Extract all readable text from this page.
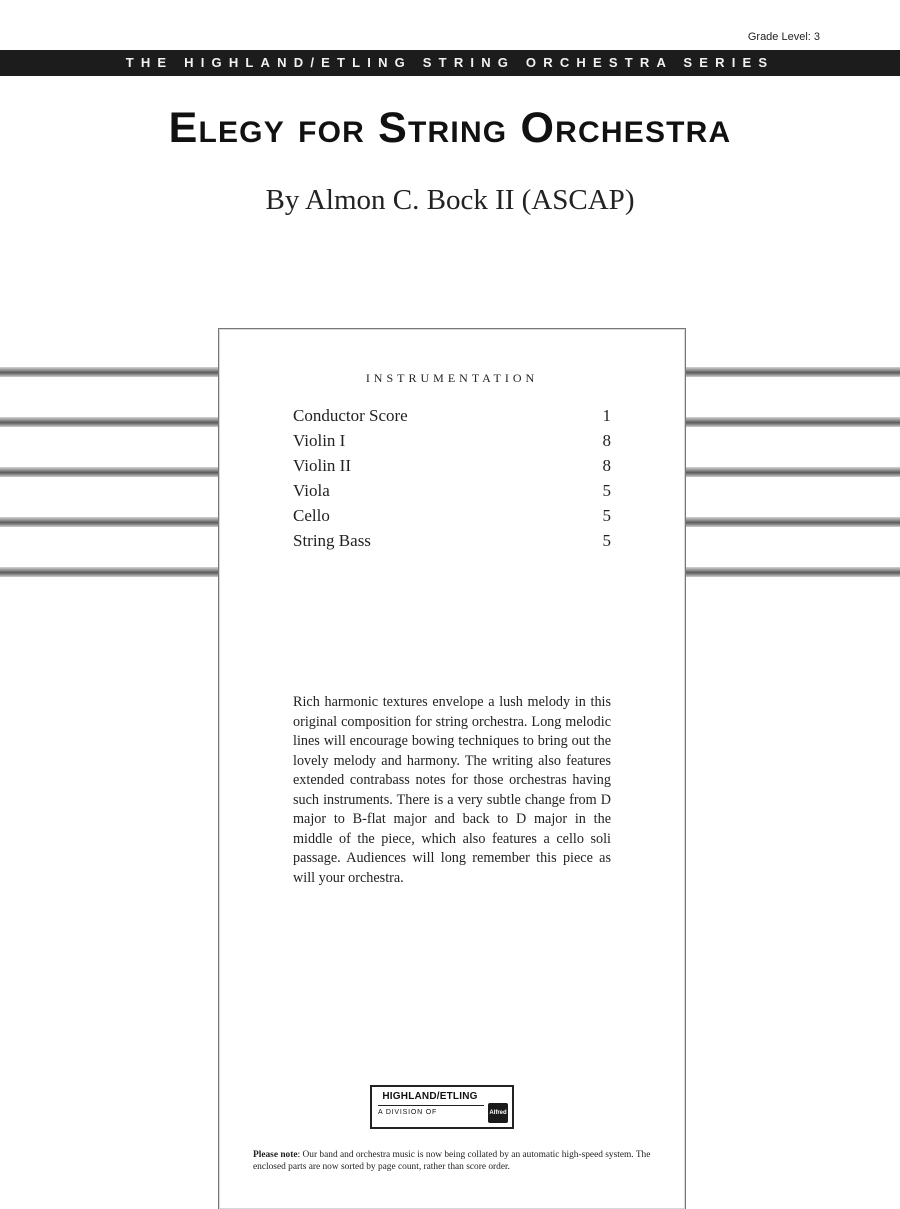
Grade Level: 3
THE HIGHLAND/ETLING STRING ORCHESTRA SERIES
Elegy for String Orchestra
By Almon C. Bock II (ASCAP)
INSTRUMENTATION
Conductor Score	1
Violin I	8
Violin II	8
Viola	5
Cello	5
String Bass	5

Rich harmonic textures envelope a lush melody in this original composition for string orchestra. Long melodic lines will encourage bowing techniques to bring out the lovely melody and harmony. The writing also features extended contrabass notes for those orchestras having such instruments. There is a very subtle change from D major to B-flat major and back to D major in the middle of the piece, which also features a cello soli passage. Audiences will long remember this piece as will your orchestra.

HIGHLAND/ETLING
A DIVISION OF	Alfred

Please note: Our band and orchestra music is now being collated by an automatic high-speed system. The enclosed parts are now sorted by page count, rather than score order.
